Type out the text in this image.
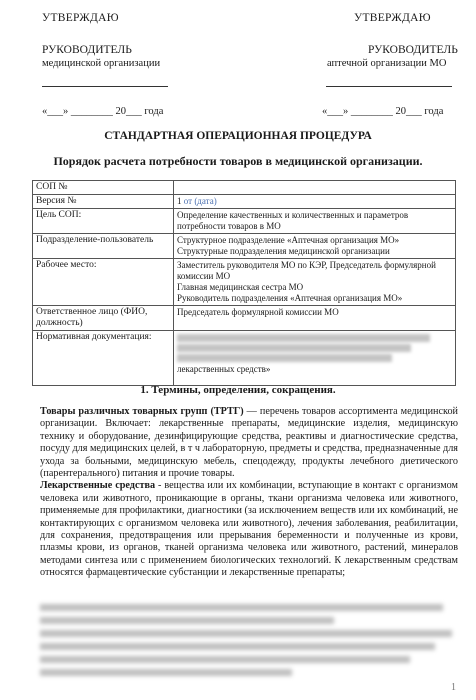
УТВЕРЖДАЮ
РУКОВОДИТЕЛЬ
медицинской организации
«___» ________ 20___ года
УТВЕРЖДАЮ
РУКОВОДИТЕЛЬ
аптечной организации МО
«___» ________ 20___ года
СТАНДАРТНАЯ ОПЕРАЦИОННАЯ ПРОЦЕДУРА
Порядок расчета потребности товаров в медицинской организации.
СОП №	
Версия №	1 от (дата)
Цель СОП:	Определение качественных и количественных и параметров потребности товаров в МО
Подразделение-пользователь	Структурное подразделение «Аптечная организация МО»
Структурные подразделения медицинской организации

Рабочее место:	Заместитель руководителя МО по КЭР, Председатель формулярной комиссии МО
Главная медицинская сестра МО
Руководитель подразделения «Аптечная организация МО»

Ответственное лицо (ФИО, должность)	Председатель формулярной комиссии МО
Нормативная документация:	лекарственных средств»
1. Термины, определения, сокращения.

Товары различных товарных групп (ТРТГ) — перечень товаров ассортимента медицинской организации. Включает: лекарственные препараты, медицинские изделия, медицинскую технику и оборудование, дезинфицирующие средства, реактивы и диагностические средства, посуду для медицинских целей, в т ч лабораторную, предметы и средства, предназначенные для ухода за больными, медицинскую мебель, спецодежду, продукты лечебного диетического (парентерального) питания и прочие товары.

Лекарственные средства - вещества или их комбинации, вступающие в контакт с организмом человека или животного, проникающие в органы, ткани организма человека или животного, применяемые для профилактики, диагностики (за исключением веществ или их комбинаций, не контактирующих с организмом человека или животного), лечения заболевания, реабилитации, для сохранения, предотвращения или прерывания беременности и полученные из крови, плазмы крови, из органов, тканей организма человека или животного, растений, минералов методами синтеза или с применением биологических технологий. К лекарственным средствам относятся фармацевтические субстанции и лекарственные препараты;

1
